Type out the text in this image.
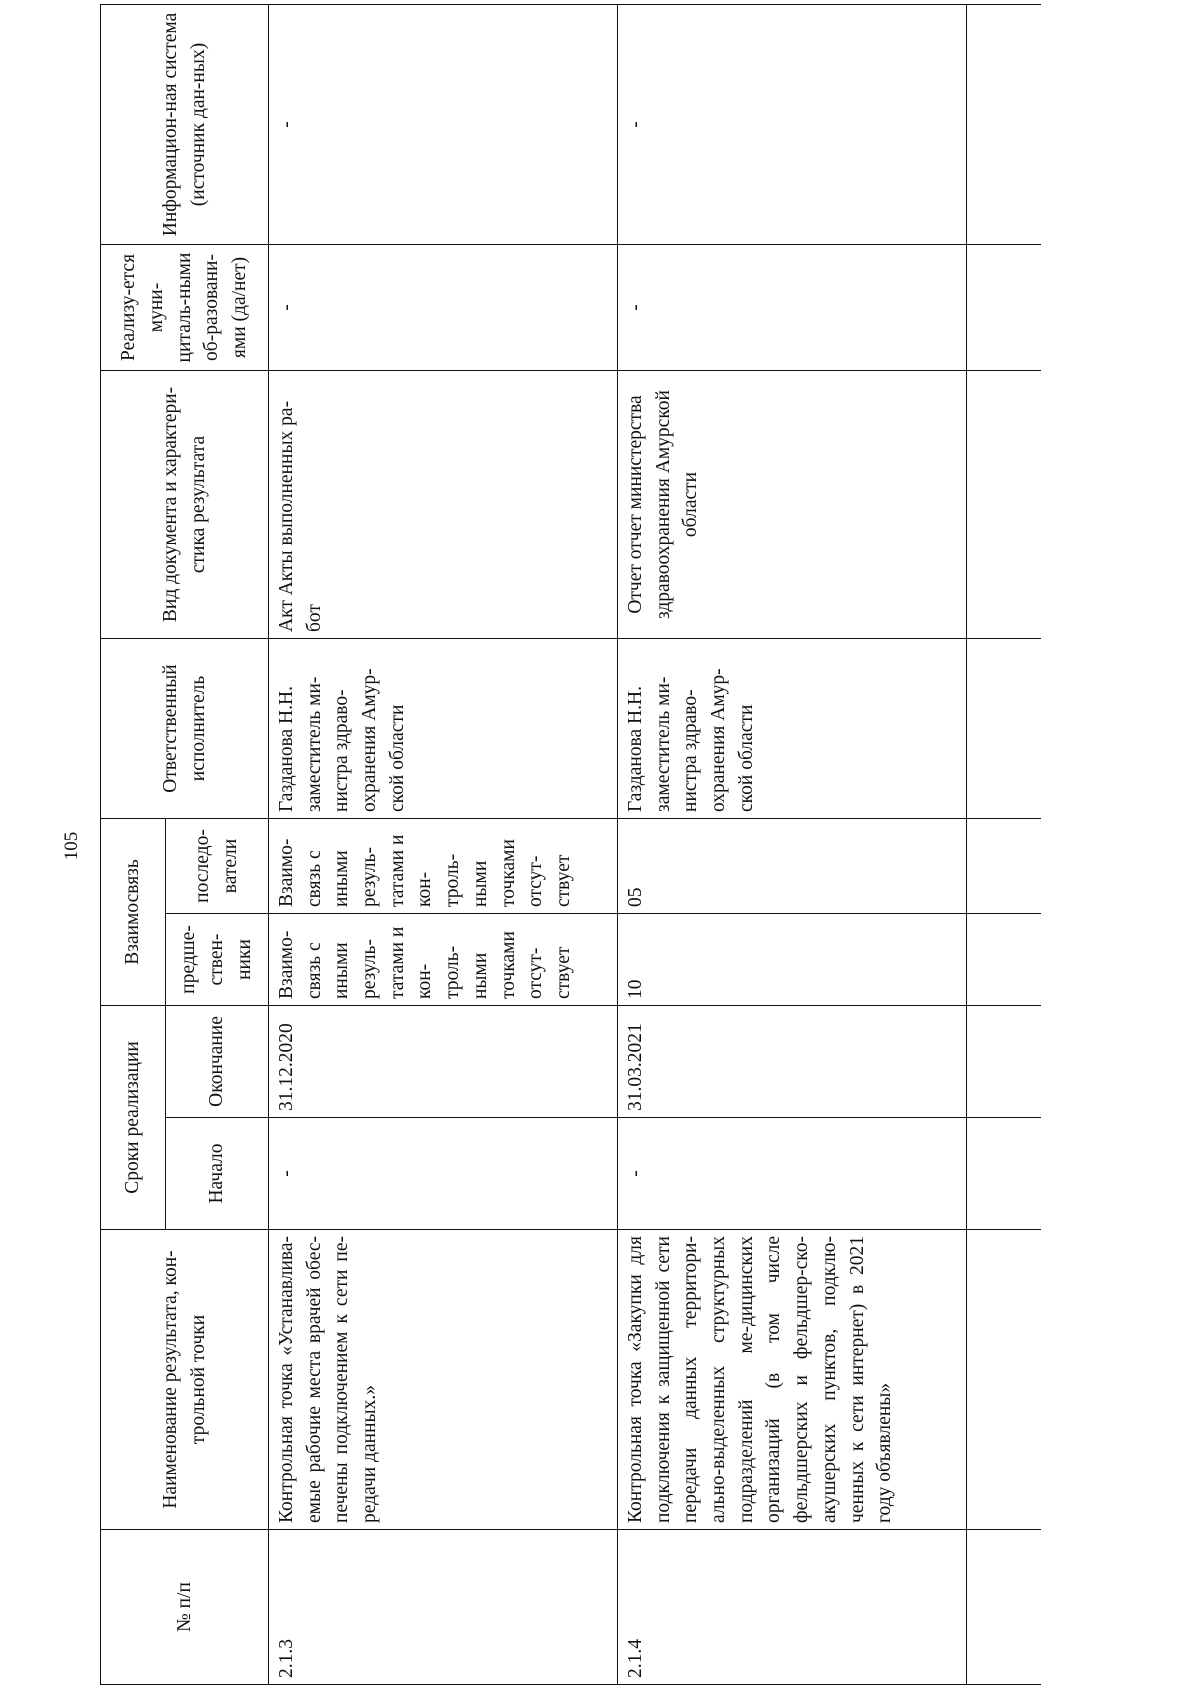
105
№ п/п	Наименование результата, кон-трольной точки	Сроки реализации		Взаимосвязь		Ответственный исполнитель	Вид документа и характери-стика результата	Реализу-ется муни-циталь-ными об-разовани-ями (да/нет)	Информацион-ная система (источник дан-ных)
		Начало	Окончание	предше-ствен-ники	последо-ватели				
2.1.3	Контрольная точка «Устанавлива-емые рабочие места врачей обес-печены подключением к сети пе-редачи данных.»	-	31.12.2020	Взаимо-связь с иными резуль-татами и кон-троль-ными точками отсут-ствует	Взаимо-связь с иными резуль-татами и кон-троль-ными точками отсут-ствует	Газданова Н.Н. заместитель ми-нистра здраво-охранения Амур-ской области	Акт Акты выполненных ра-бот	-	-
2.1.4	Контрольная точка «Закупки для подключения к защищенной сети передачи данных территори-ально-выделенных структурных подразделений ме-дицинских организаций (в том числе фельдшерских и фельдшер-ско-акушерских пунктов, подклю-ченных к сети интернет) в 2021 году объявлены»	-	31.03.2021	10	05	Газданова Н.Н. заместитель ми-нистра здраво-охранения Амур-ской области	Отчет отчет министерства здравоохранения Амурской области	-	-
